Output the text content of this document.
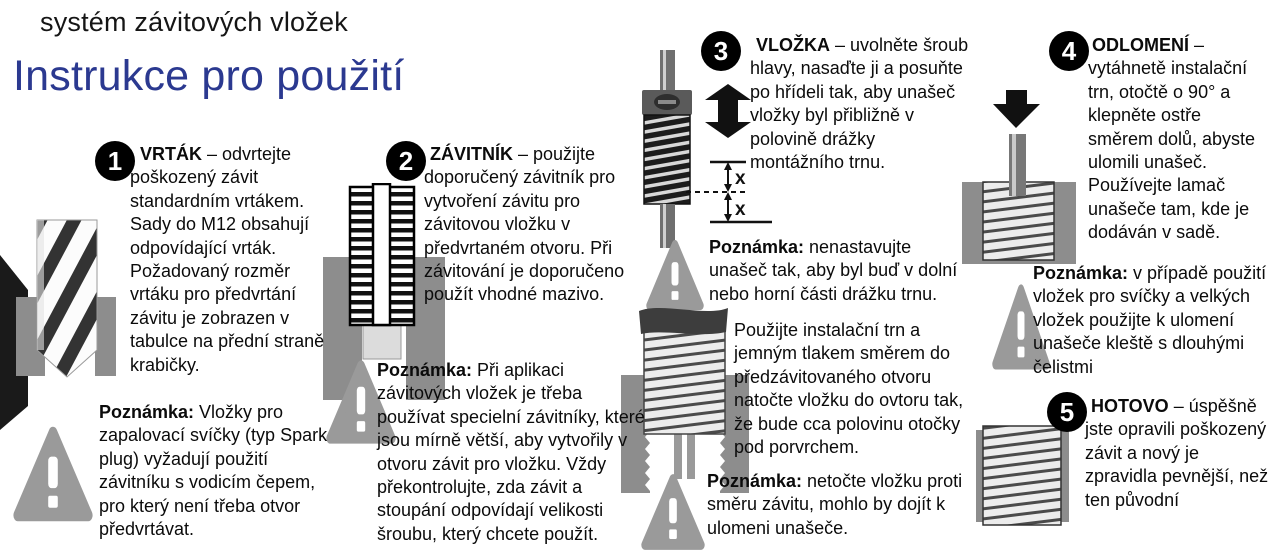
systém závitových vložek
Instrukce pro použití
1 VRTÁK – odvrtejte poškozený závit standardním vrtákem. Sady do M12 obsahují odpovídající vrták. Požadovaný rozměr vrtáku pro předvrtání závitu je zobrazen v tabulce na přední straně krabičky.
Poznámka: Vložky pro zapalovací svíčky (typ Spark plug) vyžadují použití závitníku s vodicím čepem, pro který není třeba otvor předvrtávat.
2 ZÁVITNÍK – použijte doporučený závitník pro vytvoření závitu pro závitovou vložku v předvrtaném otvoru. Při závitování je doporučeno použít vhodné mazivo.
Poznámka: Při aplikaci závitových vložek je třeba používat specielní závitníky, které jsou mírně větší, aby vytvořily v otvoru závit pro vložku. Vždy překontrolujte, zda závit a stoupání odpovídají velikosti šroubu, který chcete použít.
3	VLOŽKA – uvolněte šroub hlavy, nasaďte ji a posuňte po hřídeli tak, aby unašeč vložky byl přibližně v polovině drážky montážního trnu.
x
x
Poznámka: nenastavujte unašeč tak, aby byl buď v dolní nebo horní části drážku trnu.
Použijte instalační trn a jemným tlakem směrem do předzávitovaného otvoru natočte vložku do ovtoru tak, že bude cca polovinu otočky pod porvrchem.
Poznámka: netočte vložku proti směru závitu, mohlo by dojít k ulomeni unašeče.
4 ODLOMENÍ – vytáhnetě instalační trn, otočtě o 90° a klepněte ostře směrem dolů, abyste ulomili unašeč. Používejte lamač unašeče tam, kde je dodáván v sadě.
Poznámka: v případě použití vložek pro svíčky a velkých vložek použijte k ulomení unašeče kleště s dlouhými čelistmi
5 HOTOVO – úspěšně jste opravili poškozený závit a nový je zpravidla pevnější, než ten původní
